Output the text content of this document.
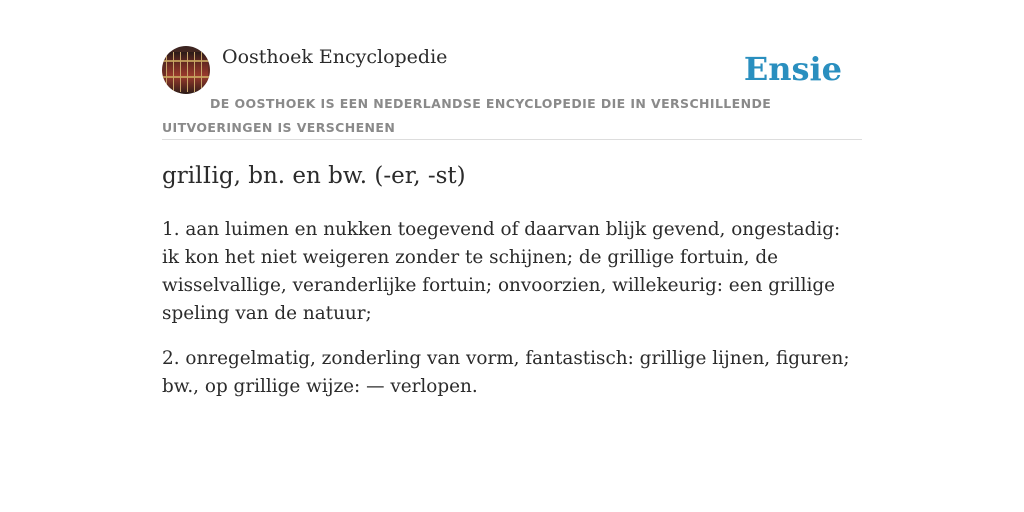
Oosthoek Encyclopedie	Ensie
DE OOSTHOEK IS EEN NEDERLANDSE ENCYCLOPEDIE DIE IN VERSCHILLENDE UITVOERINGEN IS VERSCHENEN
grilIig, bn. en bw. (-er, -st)

1. aan luimen en nukken toegevend of daarvan blijk gevend, ongestadig: ik kon het niet weigeren zonder te schijnen; de grillige fortuin, de wisselvallige, veranderlijke fortuin; onvoorzien, willekeurig: een grillige speling van de natuur;

2. onregelmatig, zonderling van vorm, fantastisch: grillige lijnen, figuren; bw., op grillige wijze: — verlopen.
